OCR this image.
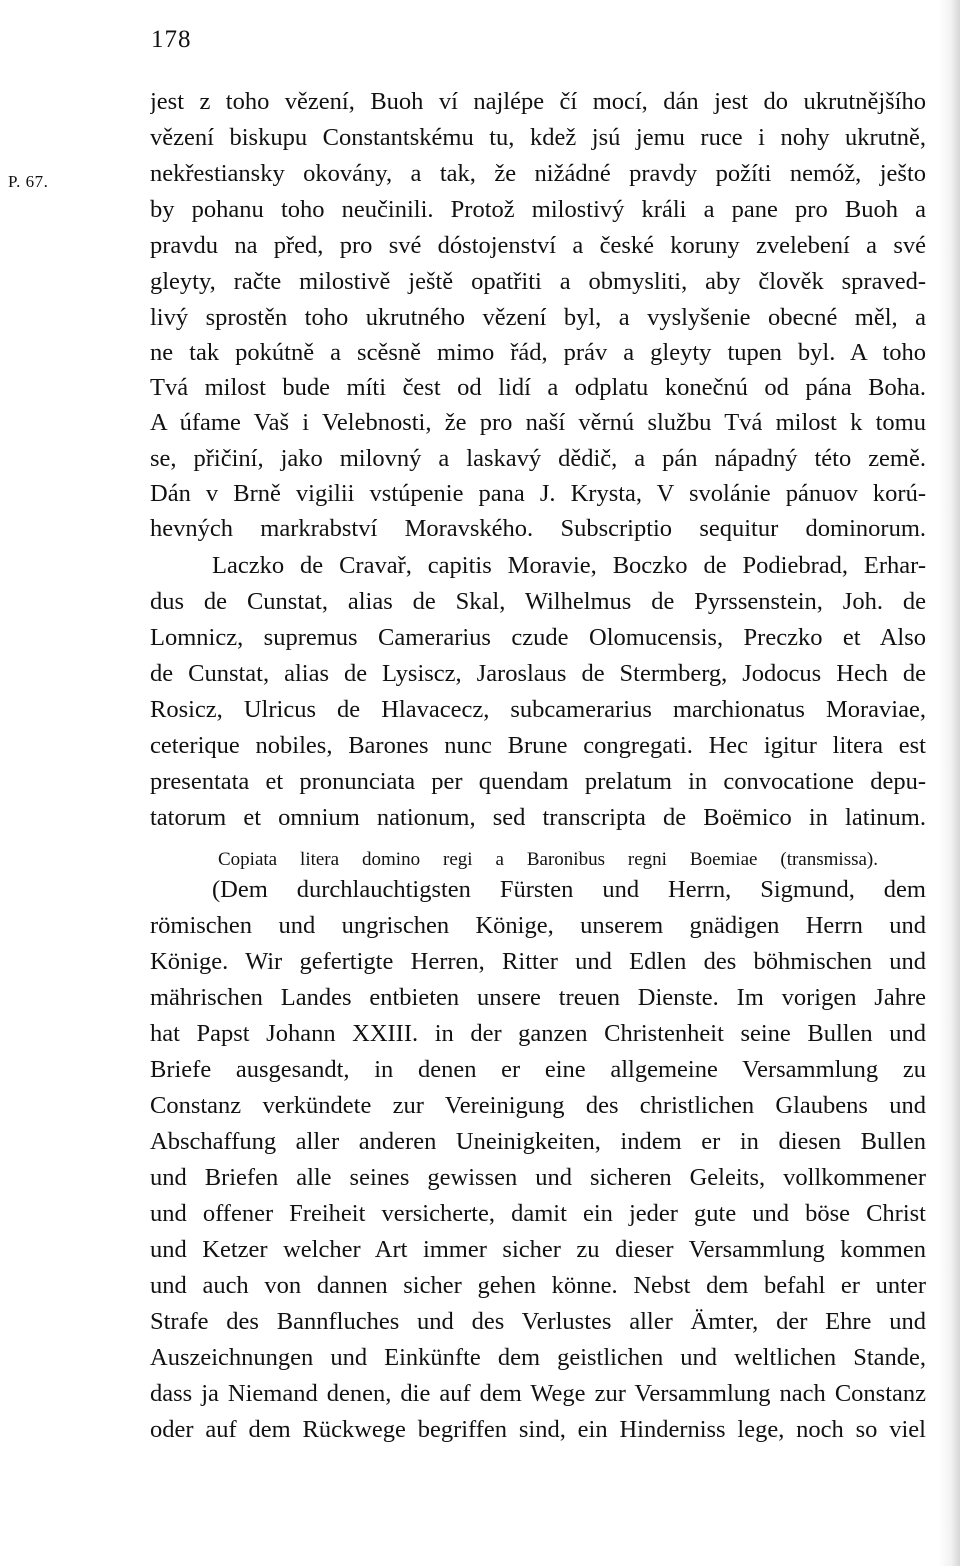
178
P. 67.
jest z toho vězení, Buoh ví najlépe čí mocí, dán jest do ukrutnějšího
vězení biskupu Constantskému tu, kdež jsú jemu ruce i nohy ukrutně,
nekřestiansky okovány, a tak, že nižádné pravdy požíti nemóž, ješto
by pohanu toho neučinili. Protož milostivý králi a pane pro Buoh a
pravdu na před, pro své dóstojenství a české koruny zvelebení a své
gleyty, račte milostivě ještě opatřiti a obmysliti, aby člověk spraved-
livý sprostěn toho ukrutného vězení byl, a vyslyšenie obecné měl, a
ne tak pokútně a scěsně mimo řád, práv a gleyty tupen byl. A toho
Tvá milost bude míti čest od lidí a odplatu konečnú od pána Boha.
A úfame Vaš i Velebnosti, že pro naší věrnú službu Tvá milost k tomu
se, přičiní, jako milovný a laskavý dědič, a pán nápadný této země.
Dán v Brně vigilii vstúpenie pana J. Krysta, V svolánie pánuov korú-
hevných markrabství Moravského. Subscriptio sequitur dominorum.
Laczko de Cravař, capitis Moravie, Boczko de Podiebrad, Erhar-
dus de Cunstat, alias de Skal, Wilhelmus de Pyrssenstein, Joh. de
Lomnicz, supremus Camerarius czude Olomucensis, Preczko et Also
de Cunstat, alias de Lysiscz, Jaroslaus de Stermberg, Jodocus Hech de
Rosicz, Ulricus de Hlavacecz, subcamerarius marchionatus Moraviae,
ceterique nobiles, Barones nunc Brune congregati. Hec igitur litera est
presentata et pronunciata per quendam prelatum in convocatione depu-
tatorum et omnium nationum, sed transcripta de Boëmico in latinum.
Copiata litera domino regi a Baronibus regni Boemiae (transmissa).
(Dem durchlauchtigsten Fürsten und Herrn, Sigmund, dem
römischen und ungrischen Könige, unserem gnädigen Herrn und
Könige. Wir gefertigte Herren, Ritter und Edlen des böhmischen und
mährischen Landes entbieten unsere treuen Dienste. Im vorigen Jahre
hat Papst Johann XXIII. in der ganzen Christenheit seine Bullen und
Briefe ausgesandt, in denen er eine allgemeine Versammlung zu
Constanz verkündete zur Vereinigung des christlichen Glaubens und
Abschaffung aller anderen Uneinigkeiten, indem er in diesen Bullen
und Briefen alle seines gewissen und sicheren Geleits, vollkommener
und offener Freiheit versicherte, damit ein jeder gute und böse Christ
und Ketzer welcher Art immer sicher zu dieser Versammlung kommen
und auch von dannen sicher gehen könne. Nebst dem befahl er unter
Strafe des Bannfluches und des Verlustes aller Ämter, der Ehre und
Auszeichnungen und Einkünfte dem geistlichen und weltlichen Stande,
dass ja Niemand denen, die auf dem Wege zur Versammlung nach Constanz
oder auf dem Rückwege begriffen sind, ein Hinderniss lege, noch so viel
